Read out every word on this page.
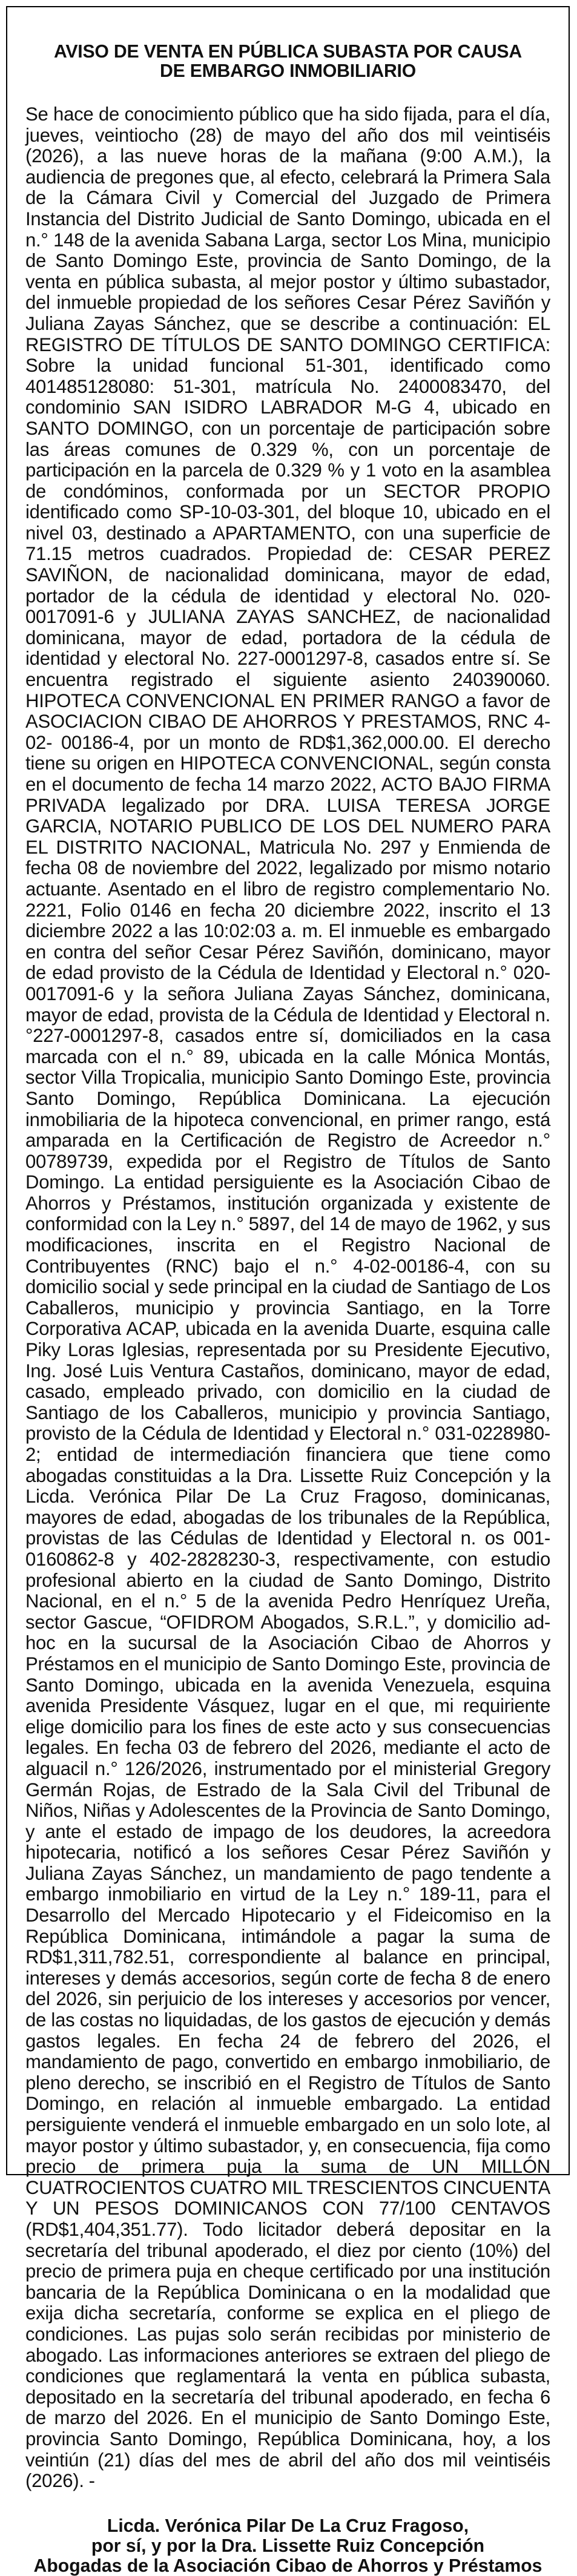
AVISO DE VENTA EN PÚBLICA SUBASTA POR CAUSA
DE EMBARGO INMOBILIARIO

Se hace de conocimiento público que ha sido fijada, para el día, jueves, veintiocho (28) de mayo del año dos mil veintiséis (2026), a las nueve horas de la mañana (9:00 A.M.), la audiencia de pregones que, al efecto, celebrará la Primera Sala de la Cámara Civil y Comercial del Juzgado de Primera Instancia del Distrito Judicial de Santo Domingo, ubicada en el n.° 148 de la avenida Sabana Larga, sector Los Mina, municipio de Santo Domingo Este, provincia de Santo Domingo, de la venta en pública subasta, al mejor postor y último subastador, del inmueble propiedad de los señores Cesar Pérez Saviñón y Juliana Zayas Sánchez, que se describe a continuación: EL REGISTRO DE TÍTULOS DE SANTO DOMINGO CERTIFICA: Sobre la unidad funcional 51-301, identificado como 401485128080: 51-301, matrícula No. 2400083470, del condominio SAN ISIDRO LABRADOR M-G 4, ubicado en SANTO DOMINGO, con un porcentaje de participación sobre las áreas comunes de 0.329 %, con un porcentaje de participación en la parcela de 0.329 % y 1 voto en la asamblea de condóminos, conformada por un SECTOR PROPIO identificado como SP-10-03-301, del bloque 10, ubicado en el nivel 03, destinado a APARTAMENTO, con una superficie de 71.15 metros cuadrados. Propiedad de: CESAR PEREZ SAVIÑON, de nacionalidad dominicana, mayor de edad, portador de la cédula de identidad y electoral No. 020- 0017091-6 y JULIANA ZAYAS SANCHEZ, de nacionalidad dominicana, mayor de edad, portadora de la cédula de identidad y electoral No. 227-0001297-8, casados entre sí. Se encuentra registrado el siguiente asiento 240390060. HIPOTECA CONVENCIONAL EN PRIMER RANGO a favor de ASOCIACION CIBAO DE AHORROS Y PRESTAMOS, RNC 4-02- 00186-4, por un monto de RD$1,362,000.00. El derecho tiene su origen en HIPOTECA CONVENCIONAL, según consta en el documento de fecha 14 marzo 2022, ACTO BAJO FIRMA PRIVADA legalizado por DRA. LUISA TERESA JORGE GARCIA, NOTARIO PUBLICO DE LOS DEL NUMERO PARA EL DISTRITO NACIONAL, Matricula No. 297 y Enmienda de fecha 08 de noviembre del 2022, legalizado por mismo notario actuante. Asentado en el libro de registro complementario No. 2221, Folio 0146 en fecha 20 diciembre 2022, inscrito el 13 diciembre 2022 a las 10:02:03 a. m. El inmueble es embargado en contra del señor Cesar Pérez Saviñón, dominicano, mayor de edad provisto de la Cédula de Identidad y Electoral n.° 020-0017091-6 y la señora Juliana Zayas Sánchez, dominicana, mayor de edad, provista de la Cédula de Identidad y Electoral n.°227-0001297-8, casados entre sí, domiciliados en la casa marcada con el n.° 89, ubicada en la calle Mónica Montás, sector Villa Tropicalia, municipio Santo Domingo Este, provincia Santo Domingo, República Dominicana. La ejecución inmobiliaria de la hipoteca convencional, en primer rango, está amparada en la Certificación de Registro de Acreedor n.° 00789739, expedida por el Registro de Títulos de Santo Domingo. La entidad persiguiente es la Asociación Cibao de Ahorros y Préstamos, institución organizada y existente de conformidad con la Ley n.° 5897, del 14 de mayo de 1962, y sus modificaciones, inscrita en el Registro Nacional de Contribuyentes (RNC) bajo el n.° 4-02-00186-4, con su domicilio social y sede principal en la ciudad de Santiago de Los Caballeros, municipio y provincia Santiago, en la Torre Corporativa ACAP, ubicada en la avenida Duarte, esquina calle Piky Loras Iglesias, representada por su Presidente Ejecutivo, Ing. José Luis Ventura Castaños, dominicano, mayor de edad, casado, empleado privado, con domicilio en la ciudad de Santiago de los Caballeros, municipio y provincia Santiago, provisto de la Cédula de Identidad y Electoral n.° 031-0228980-2; entidad de intermediación financiera que tiene como abogadas constituidas a la Dra. Lissette Ruiz Concepción y la Licda. Verónica Pilar De La Cruz Fragoso, dominicanas, mayores de edad, abogadas de los tribunales de la República, provistas de las Cédulas de Identidad y Electoral n. os 001-0160862-8 y 402-2828230-3, respectivamente, con estudio profesional abierto en la ciudad de Santo Domingo, Distrito Nacional, en el n.° 5 de la avenida Pedro Henríquez Ureña, sector Gascue, “OFIDROM Abogados, S.R.L.”, y domicilio ad-hoc en la sucursal de la Asociación Cibao de Ahorros y Préstamos en el municipio de Santo Domingo Este, provincia de Santo Domingo, ubicada en la avenida Venezuela, esquina avenida Presidente Vásquez, lugar en el que, mi requiriente elige domicilio para los fines de este acto y sus consecuencias legales. En fecha 03 de febrero del 2026, mediante el acto de alguacil n.° 126/2026, instrumentado por el ministerial Gregory Germán Rojas, de Estrado de la Sala Civil del Tribunal de Niños, Niñas y Adolescentes de la Provincia de Santo Domingo, y ante el estado de impago de los deudores, la acreedora hipotecaria, notificó a los señores Cesar Pérez Saviñón y Juliana Zayas Sánchez, un mandamiento de pago tendente a embargo inmobiliario en virtud de la Ley n.° 189-11, para el Desarrollo del Mercado Hipotecario y el Fideicomiso en la República Dominicana, intimándole a pagar la suma de RD$1,311,782.51, correspondiente al balance en principal, intereses y demás accesorios, según corte de fecha 8 de enero del 2026, sin perjuicio de los intereses y accesorios por vencer, de las costas no liquidadas, de los gastos de ejecución y demás gastos legales. En fecha 24 de febrero del 2026, el mandamiento de pago, convertido en embargo inmobiliario, de pleno derecho, se inscribió en el Registro de Títulos de Santo Domingo, en relación al inmueble embargado. La entidad persiguiente venderá el inmueble embargado en un solo lote, al mayor postor y último subastador, y, en consecuencia, fija como precio de primera puja la suma de UN MILLÓN CUATROCIENTOS CUATRO MIL TRESCIENTOS CINCUENTA Y UN PESOS DOMINICANOS CON 77/100 CENTAVOS (RD$1,404,351.77). Todo licitador deberá depositar en la secretaría del tribunal apoderado, el diez por ciento (10%) del precio de primera puja en cheque certificado por una institución bancaria de la República Dominicana o en la modalidad que exija dicha secretaría, conforme se explica en el pliego de condiciones. Las pujas solo serán recibidas por ministerio de abogado. Las informaciones anteriores se extraen del pliego de condiciones que reglamentará la venta en pública subasta, depositado en la secretaría del tribunal apoderado, en fecha 6 de marzo del 2026. En el municipio de Santo Domingo Este, provincia Santo Domingo, República Dominicana, hoy, a los veintiún (21) días del mes de abril del año dos mil veintiséis (2026). -

Licda. Verónica Pilar De La Cruz Fragoso,
por sí, y por la Dra. Lissette Ruiz Concepción
Abogadas de la Asociación Cibao de Ahorros y Préstamos
